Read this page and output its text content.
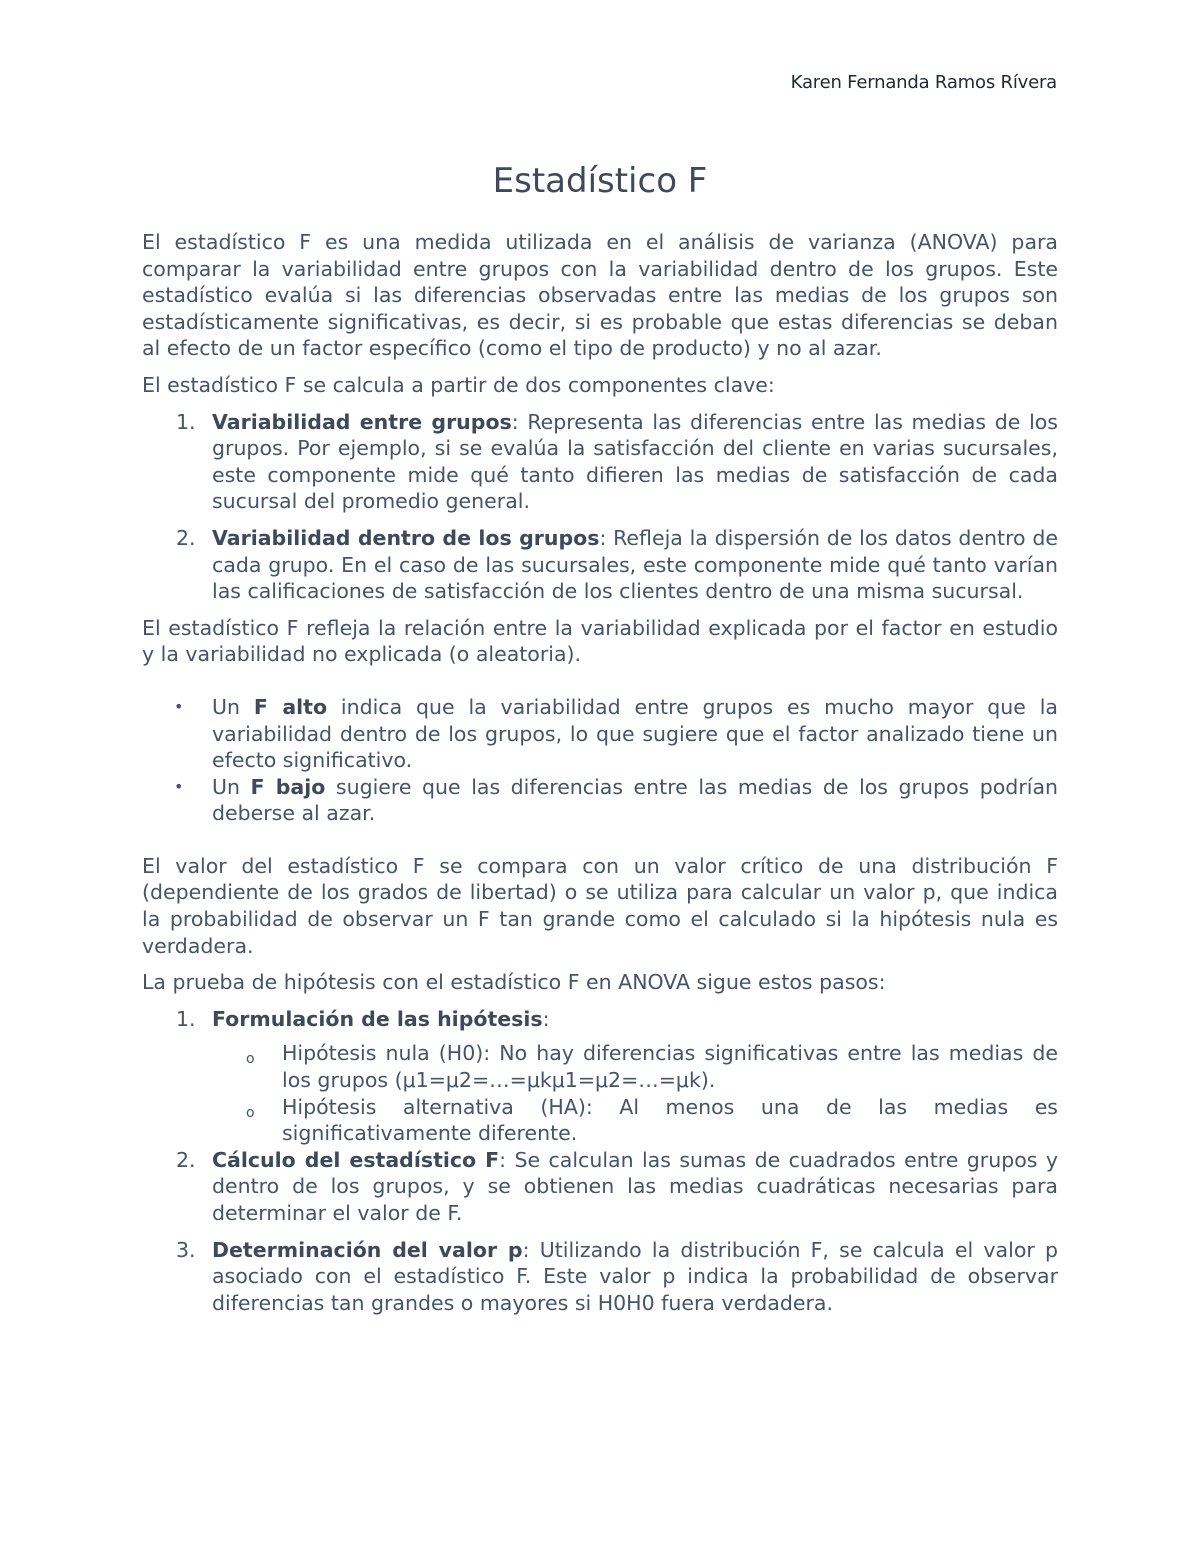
Karen Fernanda Ramos Rívera
Estadístico F

El estadístico F es una medida utilizada en el análisis de varianza (ANOVA) para comparar la variabilidad entre grupos con la variabilidad dentro de los grupos. Este estadístico evalúa si las diferencias observadas entre las medias de los grupos son estadísticamente significativas, es decir, si es probable que estas diferencias se deban al efecto de un factor específico (como el tipo de producto) y no al azar.

El estadístico F se calcula a partir de dos componentes clave:

1. Variabilidad entre grupos: Representa las diferencias entre las medias de los grupos. Por ejemplo, si se evalúa la satisfacción del cliente en varias sucursales, este componente mide qué tanto difieren las medias de satisfacción de cada sucursal del promedio general.
2. Variabilidad dentro de los grupos: Refleja la dispersión de los datos dentro de cada grupo. En el caso de las sucursales, este componente mide qué tanto varían las calificaciones de satisfacción de los clientes dentro de una misma sucursal.

El estadístico F refleja la relación entre la variabilidad explicada por el factor en estudio y la variabilidad no explicada (o aleatoria).

• Un F alto indica que la variabilidad entre grupos es mucho mayor que la variabilidad dentro de los grupos, lo que sugiere que el factor analizado tiene un efecto significativo.
• Un F bajo sugiere que las diferencias entre las medias de los grupos podrían deberse al azar.

El valor del estadístico F se compara con un valor crítico de una distribución F (dependiente de los grados de libertad) o se utiliza para calcular un valor p, que indica la probabilidad de observar un F tan grande como el calculado si la hipótesis nula es verdadera.

La prueba de hipótesis con el estadístico F en ANOVA sigue estos pasos:

1. Formulación de las hipótesis:
o Hipótesis nula (H0): No hay diferencias significativas entre las medias de los grupos (μ1=μ2=…=μkμ1=μ2=…=μk).
o Hipótesis alternativa (HA): Al menos una de las medias es significativamente diferente.
2. Cálculo del estadístico F: Se calculan las sumas de cuadrados entre grupos y dentro de los grupos, y se obtienen las medias cuadráticas necesarias para determinar el valor de F.
3. Determinación del valor p: Utilizando la distribución F, se calcula el valor p asociado con el estadístico F. Este valor p indica la probabilidad de observar diferencias tan grandes o mayores si H0H0 fuera verdadera.
